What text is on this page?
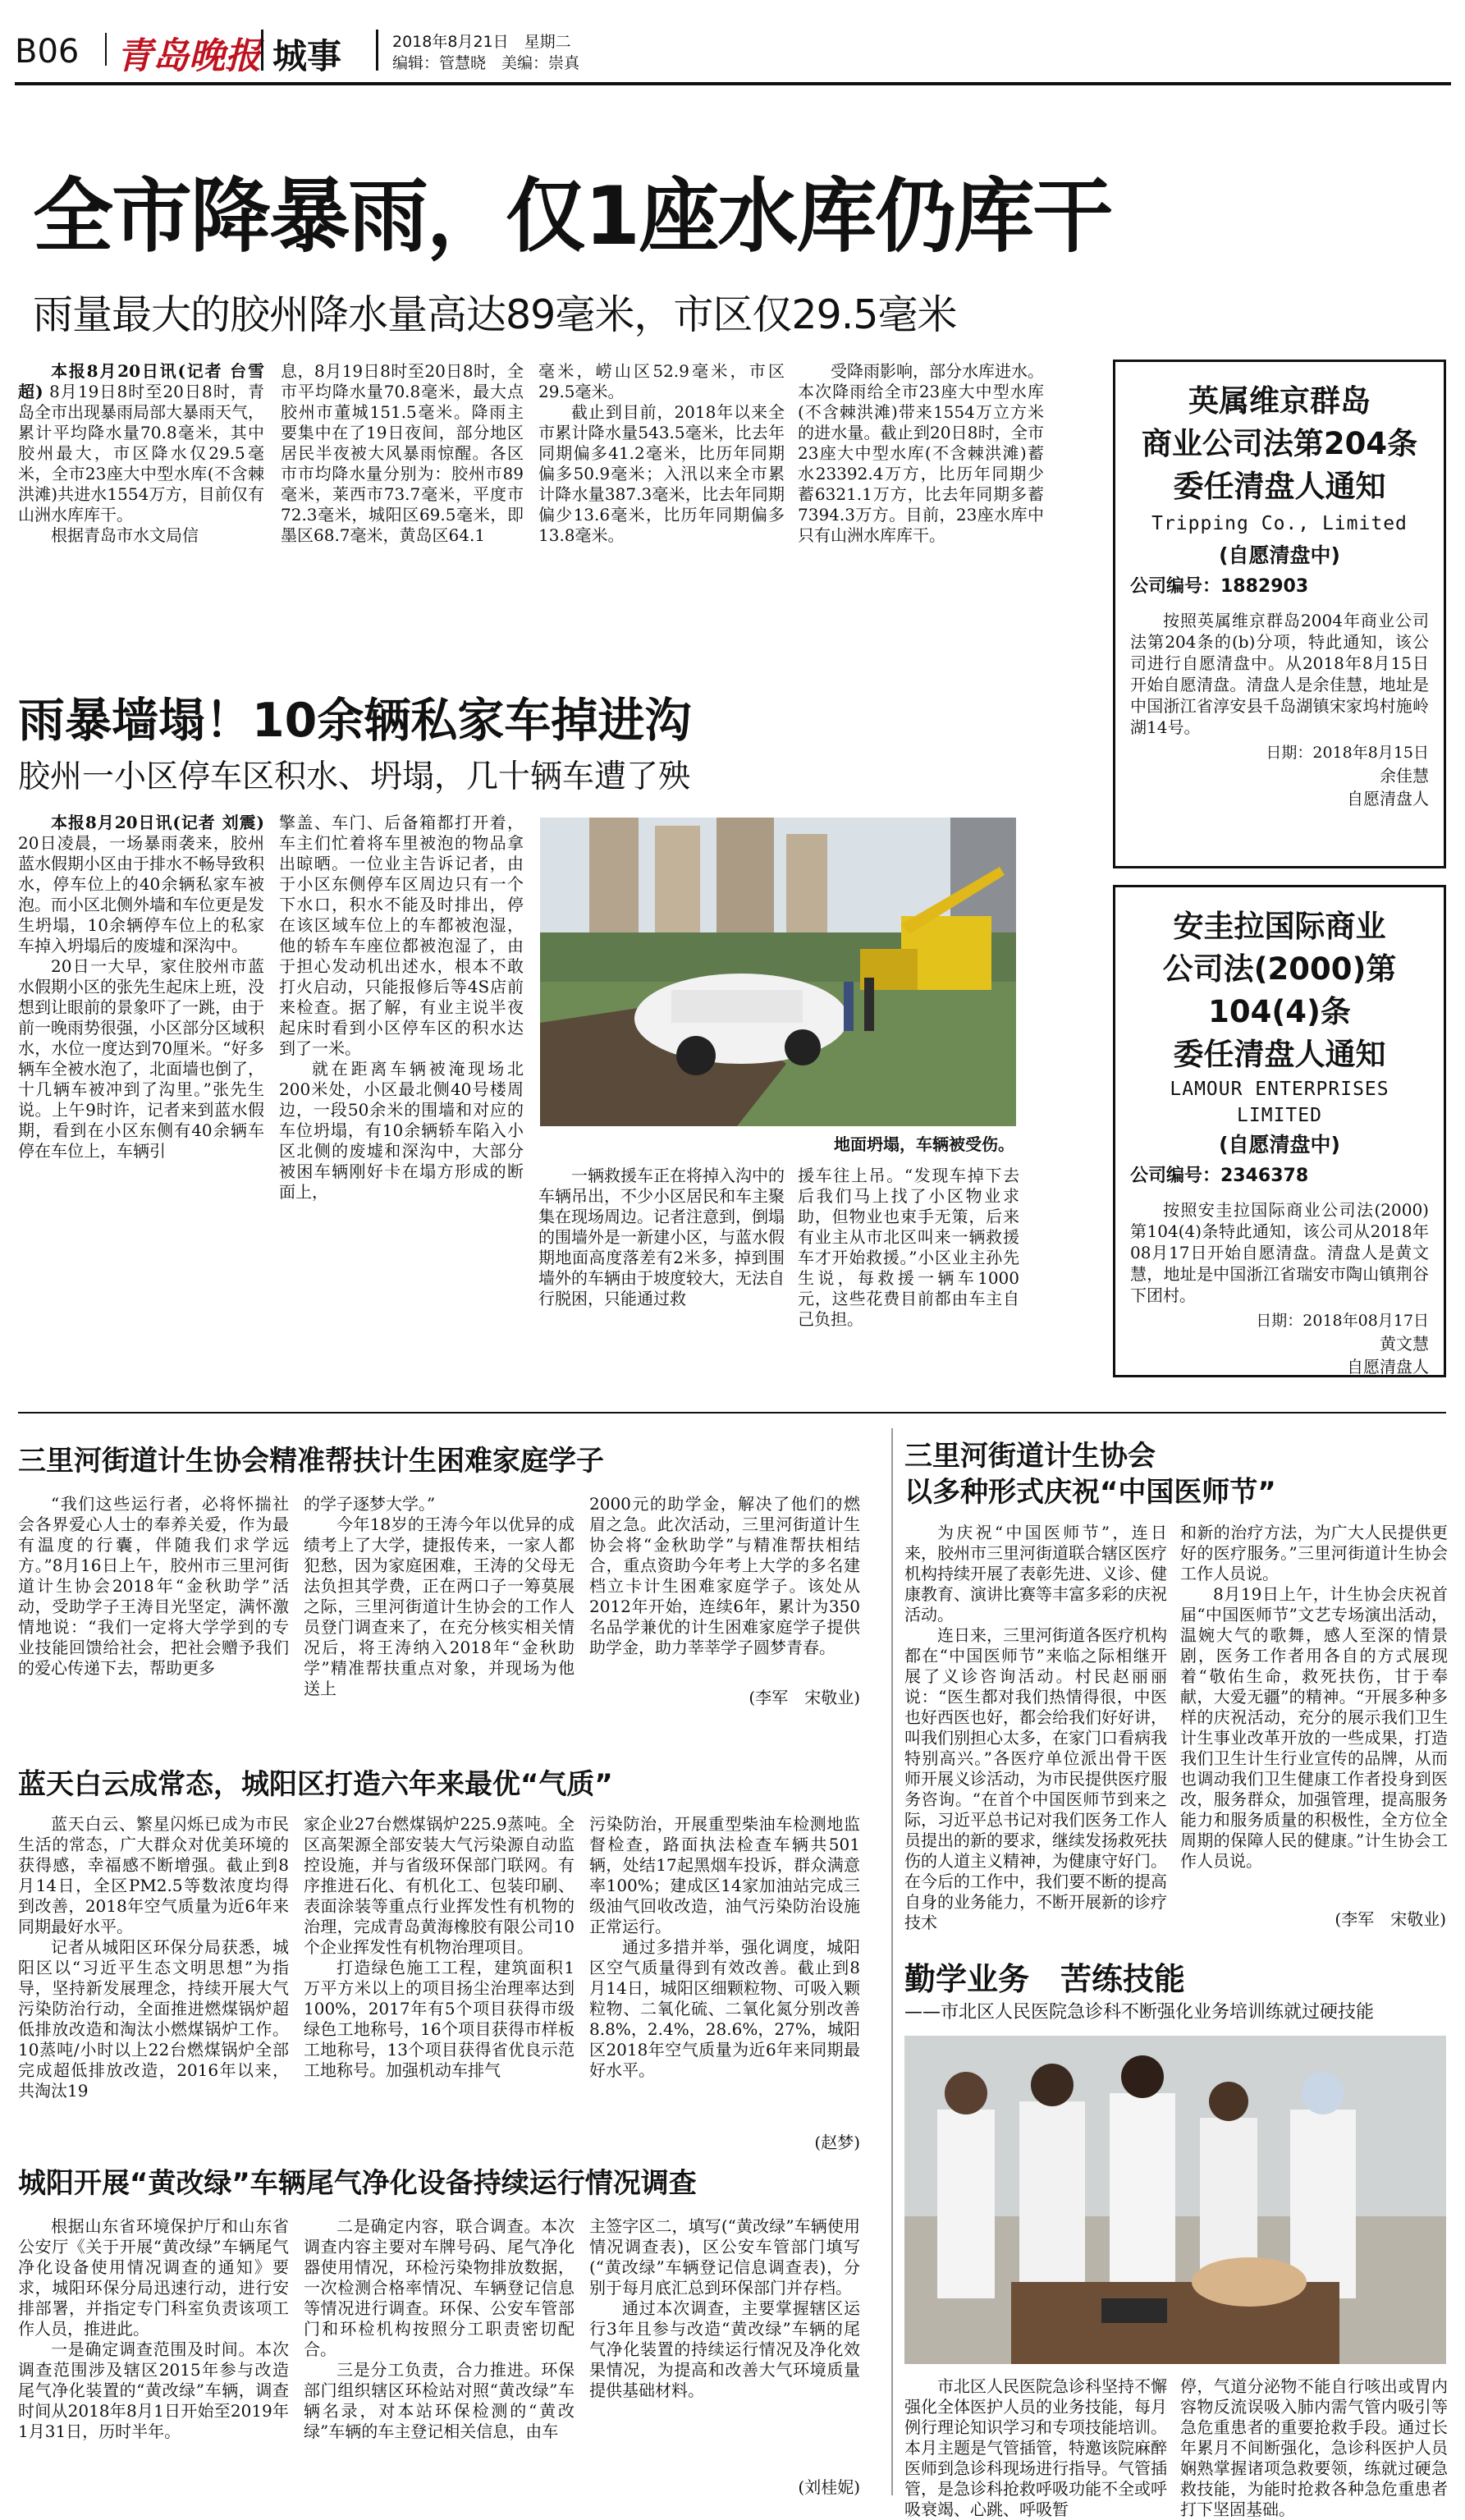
B06 青岛晚报 城事	2018年8月21日　星期二
编辑：管慧晓　美编：崇真
全市降暴雨，仅1座水库仍库干
雨量最大的胶州降水量高达89毫米，市区仅29.5毫米

本报8月20日讯(记者 台雪超) 8月19日8时至20日8时，青岛全市出现暴雨局部大暴雨天气，累计平均降水量70.8毫米，其中胶州最大，市区降水仅29.5毫米，全市23座大中型水库(不含棘洪滩)共进水1554万方，目前仅有山洲水库库干。

根据青岛市水文局信

息，8月19日8时至20日8时，全市平均降水量70.8毫米，最大点胶州市董城151.5毫米。降雨主要集中在了19日夜间，部分地区居民半夜被大风暴雨惊醒。各区市市均降水量分别为：胶州市89毫米，莱西市73.7毫米，平度市72.3毫米，城阳区69.5毫米，即墨区68.7毫米，黄岛区64.1

毫米，崂山区52.9毫米，市区29.5毫米。

截止到目前，2018年以来全市累计降水量543.5毫米，比去年同期偏多41.2毫米，比历年同期偏多50.9毫米；入汛以来全市累计降水量387.3毫米，比去年同期偏少13.6毫米，比历年同期偏多13.8毫米。

受降雨影响，部分水库进水。本次降雨给全市23座大中型水库(不含棘洪滩)带来1554万立方米的进水量。截止到20日8时，全市23座大中型水库(不含棘洪滩)蓄水23392.4万方，比历年同期少蓄6321.1万方，比去年同期多蓄7394.3万方。目前，23座水库中只有山洲水库库干。

英属维京群岛
商业公司法第204条
委任清盘人通知
Tripping Co., Limited
(自愿清盘中)
公司编号：1882903
按照英属维京群岛2004年商业公司法第204条的(b)分项，特此通知，该公司进行自愿清盘中。从2018年8月15日开始自愿清盘。清盘人是余佳慧，地址是中国浙江省淳安县千岛湖镇宋家坞村施岭湖14号。
日期：2018年8月15日
余佳慧
自愿清盘人
安圭拉国际商业
公司法(2000)第104(4)条
委任清盘人通知
LAMOUR ENTERPRISES
LIMITED
(自愿清盘中)
公司编号：2346378
按照安圭拉国际商业公司法(2000)第104(4)条特此通知，该公司从2018年08月17日开始自愿清盘。清盘人是黄文慧，地址是中国浙江省瑞安市陶山镇荆谷下团村。
日期：2018年08月17日
黄文慧
自愿清盘人
雨暴墙塌！10余辆私家车掉进沟
胶州一小区停车区积水、坍塌，几十辆车遭了殃

本报8月20日讯(记者 刘震) 20日凌晨，一场暴雨袭来，胶州蓝水假期小区由于排水不畅导致积水，停车位上的40余辆私家车被泡。而小区北侧外墙和车位更是发生坍塌，10余辆停车位上的私家车掉入坍塌后的废墟和深沟中。

20日一大早，家住胶州市蓝水假期小区的张先生起床上班，没想到让眼前的景象吓了一跳，由于前一晚雨势很强，小区部分区域积水，水位一度达到70厘米。“好多辆车全被水泡了，北面墙也倒了，十几辆车被冲到了沟里。”张先生说。上午9时许，记者来到蓝水假期，看到在小区东侧有40余辆车停在车位上，车辆引

擎盖、车门、后备箱都打开着，车主们忙着将车里被泡的物品拿出晾晒。一位业主告诉记者，由于小区东侧停车区周边只有一个下水口，积水不能及时排出，停在该区域车位上的车都被泡湿，他的轿车车座位都被泡湿了，由于担心发动机出述水，根本不敢打火启动，只能报修后等4S店前来检查。据了解，有业主说半夜起床时看到小区停车区的积水达到了一米。

就在距离车辆被淹现场北200米处，小区最北侧40号楼周边，一段50余米的围墙和对应的车位坍塌，有10余辆轿车陷入小区北侧的废墟和深沟中，大部分被困车辆刚好卡在塌方形成的断面上，

地面坍塌，车辆被受伤。

一辆救援车正在将掉入沟中的车辆吊出，不少小区居民和车主聚集在现场周边。记者注意到，倒塌的围墙外是一新建小区，与蓝水假期地面高度落差有2米多，掉到围墙外的车辆由于坡度较大，无法自行脱困，只能通过救

援车往上吊。“发现车掉下去后我们马上找了小区物业求助，但物业也束手无策，后来有业主从市北区叫来一辆救援车才开始救援。”小区业主孙先生说，每救援一辆车1000元，这些花费目前都由车主自己负担。

三里河街道计生协会精准帮扶计生困难家庭学子

“我们这些运行者，必将怀揣社会各界爱心人士的奉养关爱，作为最有温度的行囊，伴随我们求学远方。”8月16日上午，胶州市三里河街道计生协会2018年“金秋助学”活动，受助学子王涛目光坚定，满怀激情地说：“我们一定将大学学到的专业技能回馈给社会，把社会赠予我们的爱心传递下去，帮助更多

的学子逐梦大学。”

今年18岁的王涛今年以优异的成绩考上了大学，捷报传来，一家人都犯愁，因为家庭困难，王涛的父母无法负担其学费，正在两口子一筹莫展之际，三里河街道计生协会的工作人员登门调查来了，在充分核实相关情况后，将王涛纳入2018年“金秋助学”精准帮扶重点对象，并现场为他送上

2000元的助学金，解决了他们的燃眉之急。此次活动，三里河街道计生协会将“金秋助学”与精准帮扶相结合，重点资助今年考上大学的多名建档立卡计生困难家庭学子。该处从2012年开始，连续6年，累计为350名品学兼优的计生困难家庭学子提供助学金，助力莘莘学子圆梦青春。

(李军　宋敬业)
三里河街道计生协会
以多种形式庆祝“中国医师节”

为庆祝“中国医师节”，连日来，胶州市三里河街道联合辖区医疗机构持续开展了表彰先进、义诊、健康教育、演讲比赛等丰富多彩的庆祝活动。

连日来，三里河街道各医疗机构都在“中国医师节”来临之际相继开展了义诊咨询活动。村民赵丽丽说：“医生都对我们热情得很，中医也好西医也好，都会给我们好好讲，叫我们别担心太多，在家门口看病我特别高兴。”各医疗单位派出骨干医师开展义诊活动，为市民提供医疗服务咨询。“在首个中国医师节到来之际，习近平总书记对我们医务工作人员提出的新的要求，继续发扬救死扶伤的人道主义精神，为健康守好门。在今后的工作中，我们要不断的提高自身的业务能力，不断开展新的诊疗技术

和新的治疗方法，为广大人民提供更好的医疗服务。”三里河街道计生协会工作人员说。

8月19日上午，计生协会庆祝首届“中国医师节”文艺专场演出活动，温婉大气的歌舞，感人至深的情景剧，医务工作者用各自的方式展现着“敬佑生命，救死扶伤，甘于奉献，大爱无疆”的精神。“开展多种多样的庆祝活动，充分的展示我们卫生计生事业改革开放的一些成果，打造我们卫生计生行业宣传的品牌，从而也调动我们卫生健康工作者投身到医改，服务群众，加强管理，提高服务能力和服务质量的积极性，全方位全周期的保障人民的健康。”计生协会工作人员说。

(李军　宋敬业)
蓝天白云成常态，城阳区打造六年来最优“气质”

蓝天白云、繁星闪烁已成为市民生活的常态，广大群众对优美环境的获得感，幸福感不断增强。截止到8月14日，全区PM2.5等数浓度均得到改善，2018年空气质量为近6年来同期最好水平。

记者从城阳区环保分局获悉，城阳区以“习近平生态文明思想”为指导，坚持新发展理念，持续开展大气污染防治行动，全面推进燃煤锅炉超低排放改造和淘汰小燃煤锅炉工作。10蒸吨/小时以上22台燃煤锅炉全部完成超低排放改造，2016年以来，共淘汰19

家企业27台燃煤锅炉225.9蒸吨。全区高架源全部安装大气污染源自动监控设施，并与省级环保部门联网。有序推进石化、有机化工、包装印刷、表面涂装等重点行业挥发性有机物的治理，完成青岛黄海橡胶有限公司10个企业挥发性有机物治理项目。

打造绿色施工工程，建筑面积1万平方米以上的项目扬尘治理率达到100%，2017年有5个项目获得市级绿色工地称号，16个项目获得市样板工地称号，13个项目获得省优良示范工地称号。加强机动车排气

污染防治，开展重型柴油车检测地监督检查，路面执法检查车辆共501辆，处结17起黑烟车投诉，群众满意率100%；建成区14家加油站完成三级油气回收改造，油气污染防治设施正常运行。

通过多措并举，强化调度，城阳区空气质量得到有效改善。截止到8月14日，城阳区细颗粒物、可吸入颗粒物、二氧化硫、二氧化氮分别改善8.8%，2.4%，28.6%，27%，城阳区2018年空气质量为近6年来同期最好水平。

(赵梦)
城阳开展“黄改绿”车辆尾气净化设备持续运行情况调查

根据山东省环境保护厅和山东省公安厅《关于开展“黄改绿”车辆尾气净化设备使用情况调查的通知》要求，城阳环保分局迅速行动，进行安排部署，并指定专门科室负责该项工作人员，推进此。

一是确定调查范围及时间。本次调查范围涉及辖区2015年参与改造尾气净化装置的“黄改绿”车辆，调查时间从2018年8月1日开始至2019年1月31日，历时半年。

二是确定内容，联合调查。本次调查内容主要对车牌号码、尾气净化器使用情况，环检污染物排放数据，一次检测合格率情况、车辆登记信息等情况进行调查。环保、公安车管部门和环检机构按照分工职责密切配合。

三是分工负责，合力推进。环保部门组织辖区环检站对照“黄改绿”车辆名录，对本站环保检测的“黄改绿”车辆的车主登记相关信息，由车

主签字区二，填写(“黄改绿”车辆使用情况调查表)，区公安车管部门填写(“黄改绿”车辆登记信息调查表)，分别于每月底汇总到环保部门并存档。

通过本次调查，主要掌握辖区运行3年且参与改造“黄改绿”车辆的尾气净化装置的持续运行情况及净化效果情况，为提高和改善大气环境质量提供基础材料。

(刘桂妮)
勤学业务　苦练技能
——市北区人民医院急诊科不断强化业务培训练就过硬技能

市北区人民医院急诊科坚持不懈强化全体医护人员的业务技能，每月例行理论知识学习和专项技能培训。本月主题是气管插管，特邀该院麻醉医师到急诊科现场进行指导。气管插管，是急诊科抢救呼吸功能不全或呼吸衰竭、心跳、呼吸暂

停，气道分泌物不能自行咳出或胃内容物反流误吸入肺内需气管内吸引等急危重患者的重要抢救手段。通过长年累月不间断强化，急诊科医护人员娴熟掌握诸项急救要领，练就过硬急救技能，为能时抢救各种急危重患者打下坚固基础。
